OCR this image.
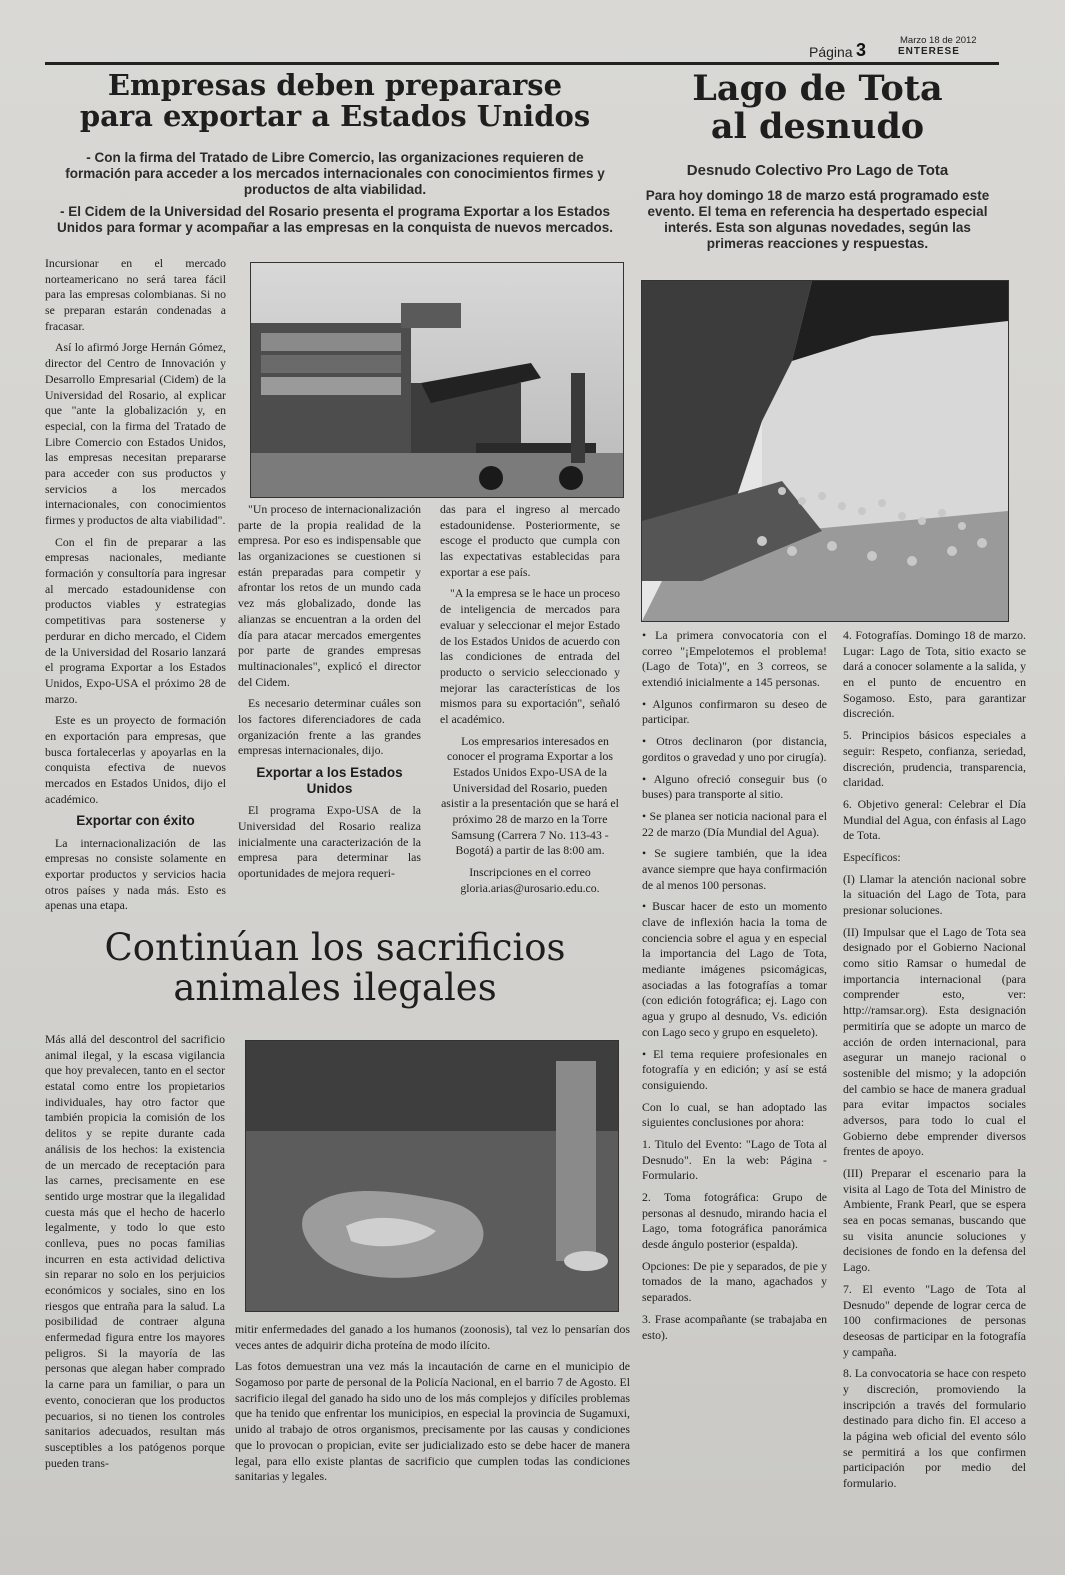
Marzo 18 de 2012
Página 3	ENTERESE
Empresas deben prepararse
para exportar a Estados Unidos
- Con la firma del Tratado de Libre Comercio, las organizaciones requieren de formación para acceder a los mercados internacionales con conocimientos firmes y productos de alta viabilidad.
- El Cidem de la Universidad del Rosario presenta el programa Exportar a los Estados Unidos para formar y acompañar a las empresas en la conquista de nuevos mercados.

Incursionar en el mercado norteamericano no será tarea fácil para las empresas colombianas. Si no se preparan estarán condenadas a fracasar.

Así lo afirmó Jorge Hernán Gómez, director del Centro de Innovación y Desarrollo Empresarial (Cidem) de la Universidad del Rosario, al explicar que "ante la globalización y, en especial, con la firma del Tratado de Libre Comercio con Estados Unidos, las empresas necesitan prepararse para acceder con sus productos y servicios a los mercados internacionales, con conocimientos firmes y productos de alta viabilidad".

Con el fin de preparar a las empresas nacionales, mediante formación y consultoría para ingresar al mercado estadounidense con productos viables y estrategias competitivas para sostenerse y perdurar en dicho mercado, el Cidem de la Universidad del Rosario lanzará el programa Exportar a los Estados Unidos, Expo-USA el próximo 28 de marzo.

Este es un proyecto de formación en exportación para empresas, que busca fortalecerlas y apoyarlas en la conquista efectiva de nuevos mercados en Estados Unidos, dijo el académico.

Exportar con éxito

La internacionalización de las empresas no consiste solamente en exportar productos y servicios hacia otros países y nada más. Esto es apenas una etapa.

"Un proceso de internacionalización parte de la propia realidad de la empresa. Por eso es indispensable que las organizaciones se cuestionen si están preparadas para competir y afrontar los retos de un mundo cada vez más globalizado, donde las alianzas se encuentran a la orden del día para atacar mercados emergentes por parte de grandes empresas multinacionales", explicó el director del Cidem.

Es necesario determinar cuáles son los factores diferenciadores de cada organización frente a las grandes empresas internacionales, dijo.

Exportar a los Estados Unidos

El programa Expo-USA de la Universidad del Rosario realiza inicialmente una caracterización de la empresa para determinar las oportunidades de mejora requeri-

das para el ingreso al mercado estadounidense. Posteriormente, se escoge el producto que cumpla con las expectativas establecidas para exportar a ese país.

"A la empresa se le hace un proceso de inteligencia de mercados para evaluar y seleccionar el mejor Estado de los Estados Unidos de acuerdo con las condiciones de entrada del producto o servicio seleccionado y mejorar las características de los mismos para su exportación", señaló el académico.

Los empresarios interesados en conocer el programa Exportar a los Estados Unidos Expo-USA de la Universidad del Rosario, pueden asistir a la presentación que se hará el próximo 28 de marzo en la Torre Samsung (Carrera 7 No. 113-43 - Bogotá) a partir de las 8:00 am.

Inscripciones en el correo gloria.arias@urosario.edu.co.

Lago de Tota
al desnudo
Desnudo Colectivo Pro Lago de Tota
Para hoy domingo 18 de marzo está programado este evento. El tema en referencia ha despertado especial interés. Esta son algunas novedades, según las primeras reacciones y respuestas.

• La primera convocatoria con el correo "¡Empelotemos el problema! (Lago de Tota)", en 3 correos, se extendió inicialmente a 145 personas.

• Algunos confirmaron su deseo de participar.

• Otros declinaron (por distancia, gorditos o gravedad y uno por cirugía).

• Alguno ofreció conseguir bus (o buses) para transporte al sitio.

• Se planea ser noticia nacional para el 22 de marzo (Día Mundial del Agua).

• Se sugiere también, que la idea avance siempre que haya confirmación de al menos 100 personas.

• Buscar hacer de esto un momento clave de inflexión hacia la toma de conciencia sobre el agua y en especial la importancia del Lago de Tota, mediante imágenes psicomágicas, asociadas a las fotografías a tomar (con edición fotográfica; ej. Lago con agua y grupo al desnudo, Vs. edición con Lago seco y grupo en esqueleto).

• El tema requiere profesionales en fotografía y en edición; y así se está consiguiendo.

Con lo cual, se han adoptado las siguientes conclusiones por ahora:

1. Titulo del Evento: "Lago de Tota al Desnudo". En la web: Página - Formulario.

2. Toma fotográfica: Grupo de personas al desnudo, mirando hacia el Lago, toma fotográfica panorámica desde ángulo posterior (espalda).

Opciones: De pie y separados, de pie y tomados de la mano, agachados y separados.

3. Frase acompañante (se trabajaba en esto).

4. Fotografías. Domingo 18 de marzo. Lugar: Lago de Tota, sitio exacto se dará a conocer solamente a la salida, y en el punto de encuentro en Sogamoso. Esto, para garantizar discreción.

5. Principios básicos especiales a seguir: Respeto, confianza, seriedad, discreción, prudencia, transparencia, claridad.

6. Objetivo general: Celebrar el Día Mundial del Agua, con énfasis al Lago de Tota.

Específicos:

(I) Llamar la atención nacional sobre la situación del Lago de Tota, para presionar soluciones.

(II) Impulsar que el Lago de Tota sea designado por el Gobierno Nacional como sitio Ramsar o humedal de importancia internacional (para comprender esto, ver: http://ramsar.org). Esta designación permitiría que se adopte un marco de acción de orden internacional, para asegurar un manejo racional o sostenible del mismo; y la adopción del cambio se hace de manera gradual para evitar impactos sociales adversos, para todo lo cual el Gobierno debe emprender diversos frentes de apoyo.

(III) Preparar el escenario para la visita al Lago de Tota del Ministro de Ambiente, Frank Pearl, que se espera sea en pocas semanas, buscando que su visita anuncie soluciones y decisiones de fondo en la defensa del Lago.

7. El evento "Lago de Tota al Desnudo" depende de lograr cerca de 100 confirmaciones de personas deseosas de participar en la fotografía y campaña.

8. La convocatoria se hace con respeto y discreción, promoviendo la inscripción a través del formulario destinado para dicho fin. El acceso a la página web oficial del evento sólo se permitirá a los que confirmen participación por medio del formulario.

Continúan los sacrificios
animales ilegales

Más allá del descontrol del sacrificio animal ilegal, y la escasa vigilancia que hoy prevalecen, tanto en el sector estatal como entre los propietarios individuales, hay otro factor que también propicia la comisión de los delitos y se repite durante cada análisis de los hechos: la existencia de un mercado de receptación para las carnes, precisamente en ese sentido urge mostrar que la ilegalidad cuesta más que el hecho de hacerlo legalmente, y todo lo que esto conlleva, pues no pocas familias incurren en esta actividad delictiva sin reparar no solo en los perjuicios económicos y sociales, sino en los riesgos que entraña para la salud. La posibilidad de contraer alguna enfermedad figura entre los mayores peligros. Si la mayoría de las personas que alegan haber comprado la carne para un familiar, o para un evento, conocieran que los productos pecuarios, si no tienen los controles sanitarios adecuados, resultan más susceptibles a los patógenos porque pueden trans-

mitir enfermedades del ganado a los humanos (zoonosis), tal vez lo pensarían dos veces antes de adquirir dicha proteína de modo ilícito.

Las fotos demuestran una vez más la incautación de carne en el municipio de Sogamoso por parte de personal de la Policía Nacional, en el barrio 7 de Agosto. El sacrificio ilegal del ganado ha sido uno de los más complejos y difíciles problemas que ha tenido que enfrentar los municipios, en especial la provincia de Sugamuxi, unido al trabajo de otros organismos, precisamente por las causas y condiciones que lo provocan o propician, evite ser judicializado esto se debe hacer de manera legal, para ello existe plantas de sacrificio que cumplen todas las condiciones sanitarias y legales.
